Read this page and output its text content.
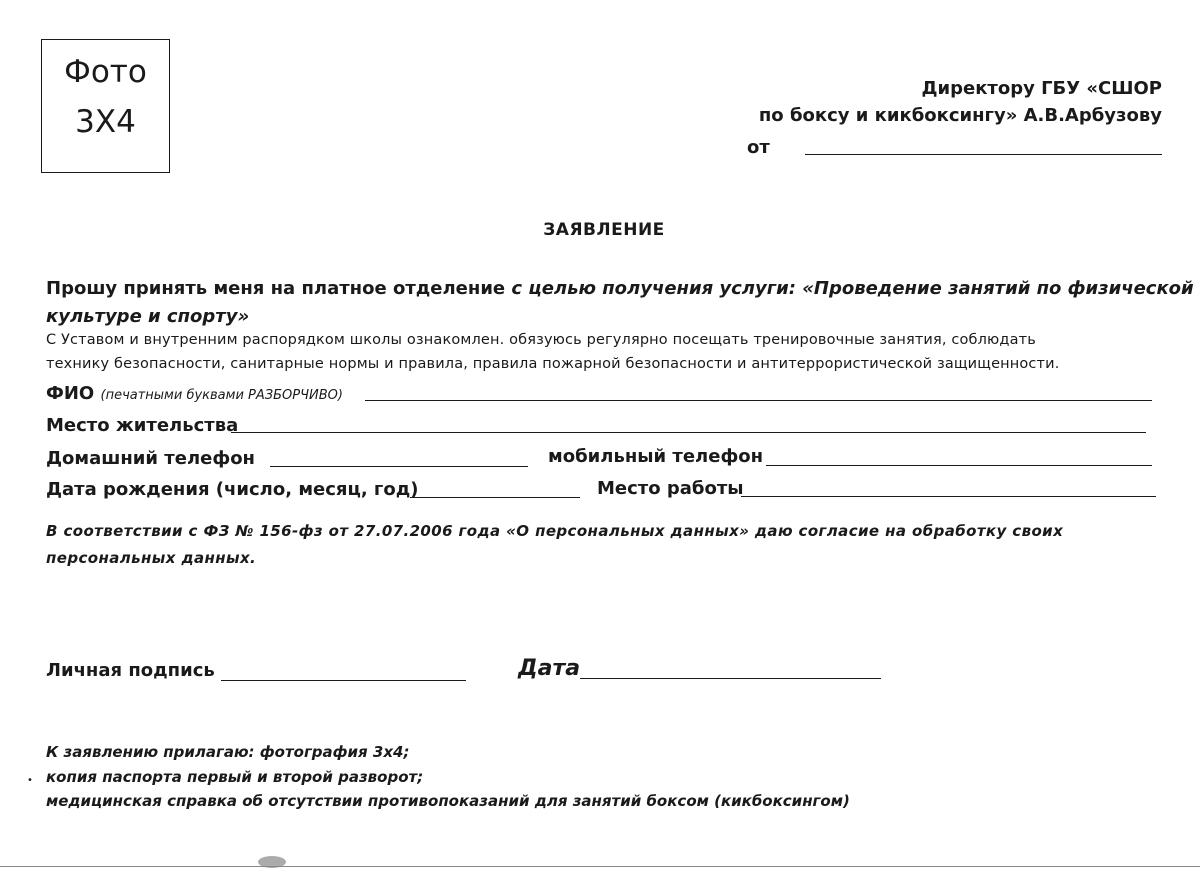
Фото
3Х4
Директору ГБУ «СШОР
по боксу и кикбоксингу» А.В.Арбузову
от
ЗАЯВЛЕНИЕ
Прошу принять меня на платное отделение с целью получения услуги: «Проведение занятий по физической
культуре и спорту»
С Уставом и внутренним распорядком школы ознакомлен. обязуюсь регулярно посещать тренировочные занятия, соблюдать
технику безопасности, санитарные нормы и правила, правила пожарной безопасности и антитеррористической защищенности.
ФИО (печатными буквами РАЗБОРЧИВО)
Место жительства
Домашний телефон	мобильный телефон
Дата рождения (число, месяц, год)	Место работы
В соответствии с ФЗ № 156-фз от 27.07.2006 года «О персональных данных» даю согласие на обработку своих
персональных данных.
Личная подпись	Дата
К заявлению прилагаю: фотография 3х4;
• копия паспорта первый и второй разворот;
медицинская справка об отсутствии противопоказаний для занятий боксом (кикбоксингом)
